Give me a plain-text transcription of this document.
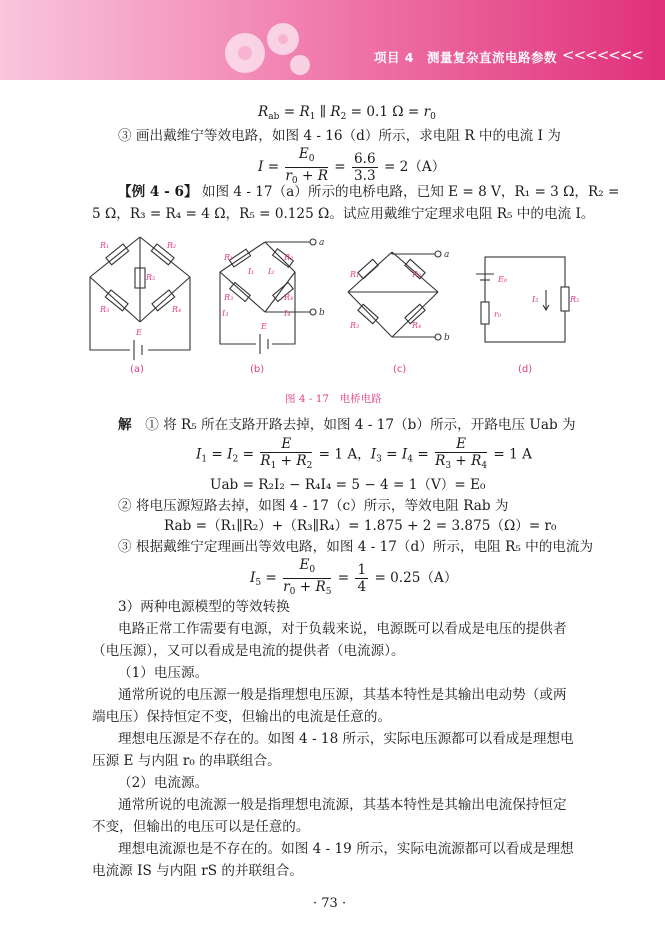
项目 4　测量复杂直流电路参数 <<<<<<<
$R_{ab} = R_1$ ∥ $R_2 = 0.1$ $\Omega = r_0$
③ 画出戴维宁等效电路，如图 4 - 16（d）所示，求电阻 R 中的电流 I 为
$I = \frac{E_0}{r_0 + R} = \frac{6.6}{3.3} = 2(A)$
【例 4 - 6】 如图 4 - 17（a）所示的电桥电路，已知 E = 8 V，R₁ = 3 Ω，R₂ =
5 Ω，R₃ = R₄ = 4 Ω，R₅ = 0.125 Ω。试应用戴维宁定理求电阻 R₅ 中的电流 I。
R₁	R₂
R₅
R₃	R₄
E
R₁	R₂
R₃	R₄
I₁ I₂
I₃	I₄
E
R₁	R₂
R₃	R₄
E₀
r₀
I₅	R₅
a
b
a
b
(a)	(b)	(c)	(d)
图 4 - 17　电桥电路
解　 ① 将 R₅ 所在支路开路去掉，如图 4 - 17（b）所示，开路电压 Uab 为
$I_1 = I_2 = \frac{E}{R_1 + R_2} = 1$ A，$I_3 = I_4 = \frac{E}{R_3 + R_4} = 1$ A
Uab = R₂I₂ − R₄I₄ = 5 − 4 = 1（V）= E₀
② 将电压源短路去掉，如图 4 - 17（c）所示，等效电阻 Rab 为
Rab =（R₁∥R₂）+（R₃∥R₄）= 1.875 + 2 = 3.875（Ω）= r₀
③ 根据戴维宁定理画出等效电路，如图 4 - 17（d）所示，电阻 R₅ 中的电流为
$I_5 = \frac{E_0}{r_0 + R_5} = \frac{1}{4} = 0.25(A)$
3）两种电源模型的等效转换
电路正常工作需要有电源，对于负载来说，电源既可以看成是电压的提供者
（电压源），又可以看成是电流的提供者（电流源）。
（1）电压源。
通常所说的电压源一般是指理想电压源，其基本特性是其输出电动势（或两
端电压）保持恒定不变，但输出的电流是任意的。
理想电压源是不存在的。如图 4 - 18 所示，实际电压源都可以看成是理想电
压源 E 与内阻 r₀ 的串联组合。
（2）电流源。
通常所说的电流源一般是指理想电流源，其基本特性是其输出电流保持恒定
不变，但输出的电压可以是任意的。
理想电流源也是不存在的。如图 4 - 19 所示，实际电流源都可以看成是理想
电流源 IS 与内阻 rS 的并联组合。
· 73 ·
